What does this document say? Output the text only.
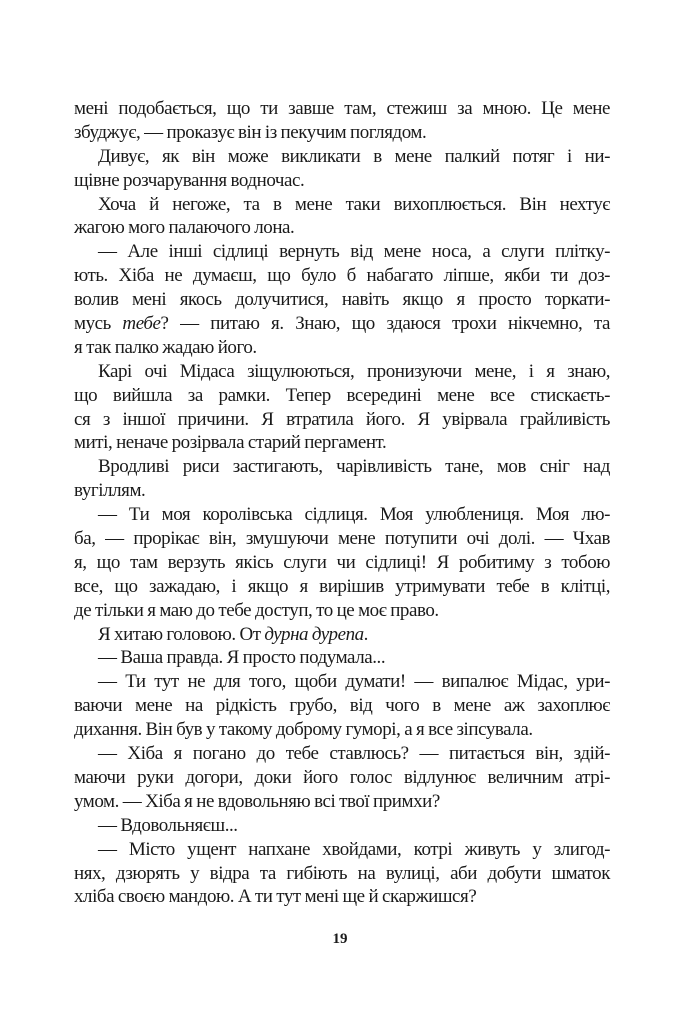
мені подобається, що ти завше там, стежиш за мною. Це мене
збуджує, — проказує він із пекучим поглядом.
Дивує, як він може викликати в мене палкий потяг і ни-
щівне розчарування водночас.
Хоча й негоже, та в мене таки вихоплюється. Він нехтує
жагою мого палаючого лона.
— Але інші сідлиці вернуть від мене носа, а слуги плітку-
ють. Хіба не думаєш, що було б набагато ліпше, якби ти доз-
волив мені якось долучитися, навіть якщо я просто торкати-
мусь тебе? — питаю я. Знаю, що здаюся трохи нікчемно, та
я так палко жадаю його.
Карі очі Мідаса зіщулюються, пронизуючи мене, і я знаю,
що вийшла за рамки. Тепер всередині мене все стискаєть-
ся з іншої причини. Я втратила його. Я увірвала грайливість
миті, неначе розірвала старий пергамент.
Вродливі риси застигають, чарівливість тане, мов сніг над
вугіллям.
— Ти моя королівська сідлиця. Моя улюблениця. Моя лю-
ба, — прорікає він, змушуючи мене потупити очі долі. — Чхав
я, що там верзуть якісь слуги чи сідлиці! Я робитиму з тобою
все, що зажадаю, і якщо я вирішив утримувати тебе в клітці,
де тільки я маю до тебе доступ, то це моє право.
Я хитаю головою. От дурна дурепа.
— Ваша правда. Я просто подумала...
— Ти тут не для того, щоби думати! — випалює Мідас, ури-
ваючи мене на рідкість грубо, від чого в мене аж захоплює
дихання. Він був у такому доброму гуморі, а я все зіпсувала.
— Хіба я погано до тебе ставлюсь? — питається він, здій-
маючи руки догори, доки його голос відлунює величним атрі-
умом. — Хіба я не вдовольняю всі твої примхи?
— Вдовольняєш...
— Місто ущент напхане хвойдами, котрі живуть у злигод-
нях, дзюрять у відра та гибіють на вулиці, аби добути шматок
хліба своєю мандою. А ти тут мені ще й скаржишся?
19
